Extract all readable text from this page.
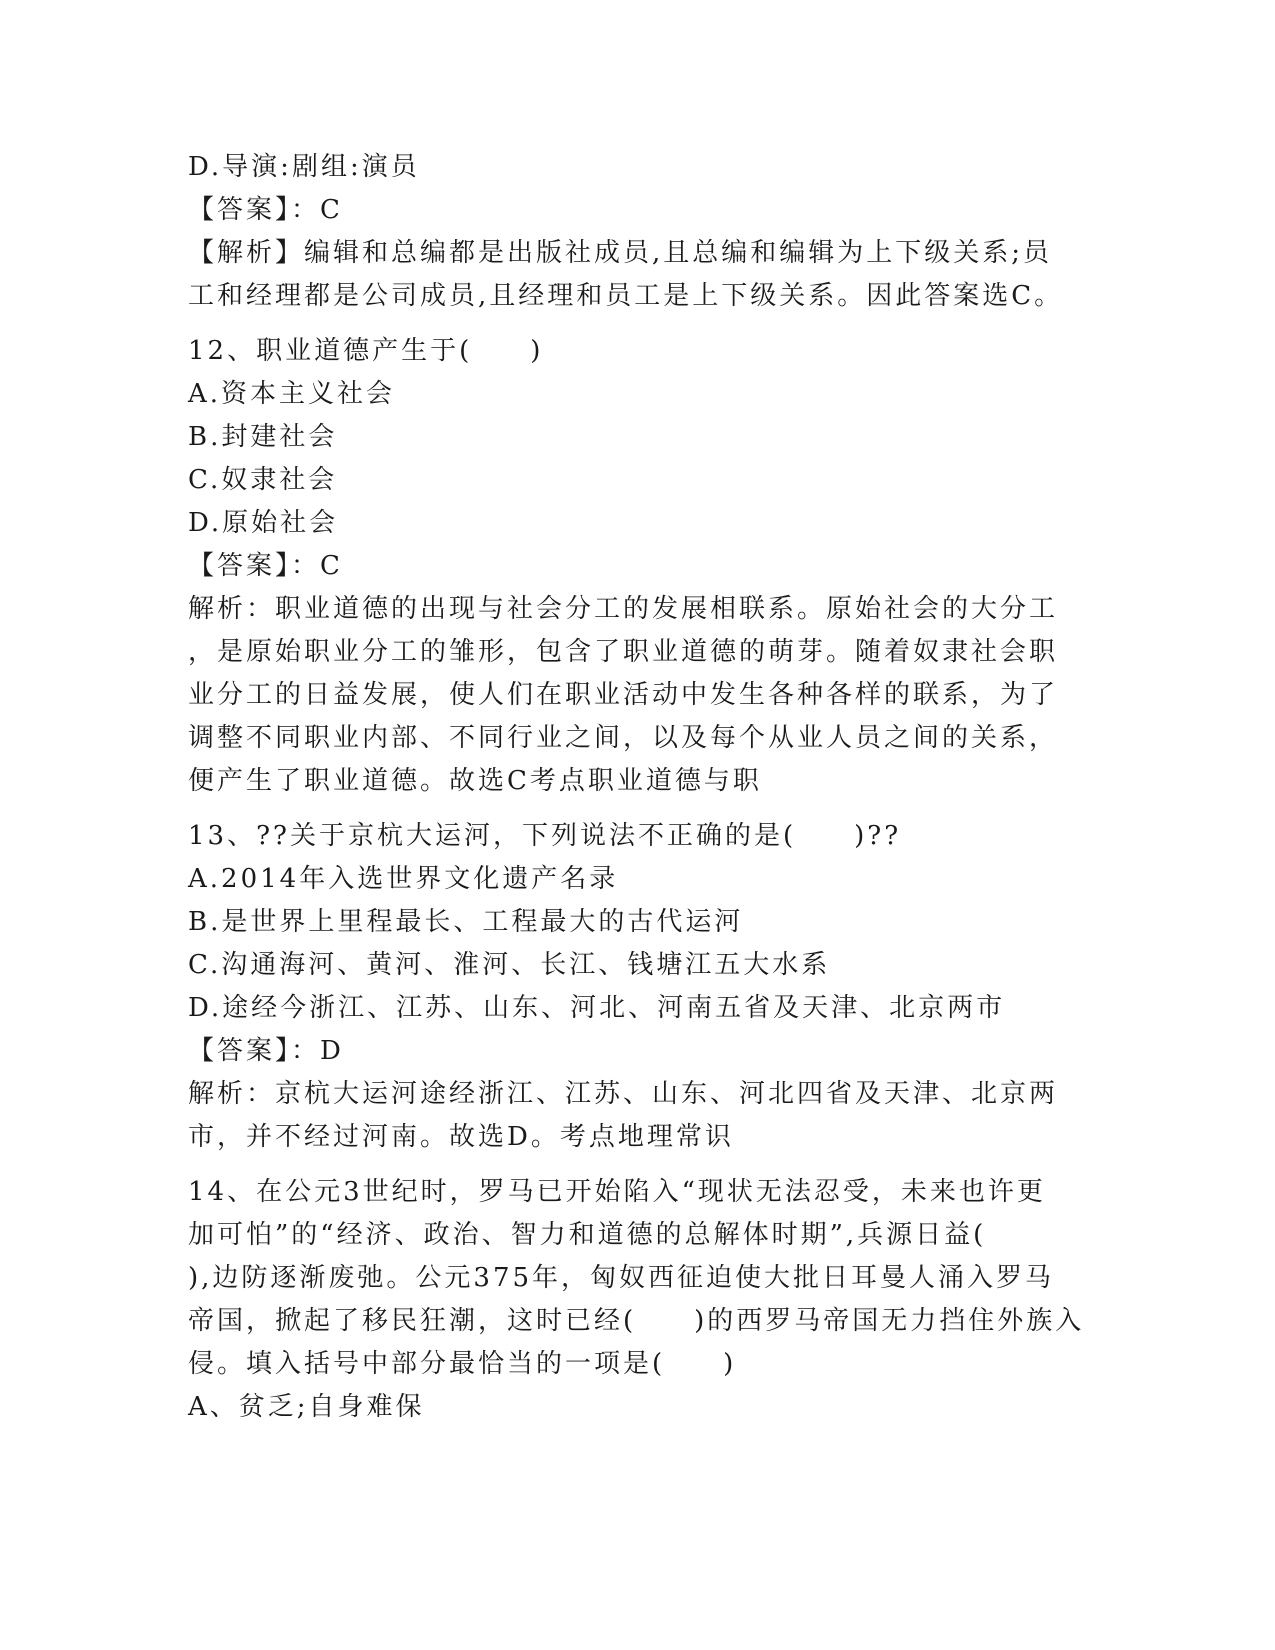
D.导演:剧组:演员
【答案】：C
【解析】编辑和总编都是出版社成员,且总编和编辑为上下级关系;员
工和经理都是公司成员,且经理和员工是上下级关系。因此答案选C。
12、职业道德产生于(　　)
A.资本主义社会
B.封建社会
C.奴隶社会
D.原始社会
【答案】：C
解析：职业道德的出现与社会分工的发展相联系。原始社会的大分工
，是原始职业分工的雏形，包含了职业道德的萌芽。随着奴隶社会职
业分工的日益发展，使人们在职业活动中发生各种各样的联系，为了
调整不同职业内部、不同行业之间，以及每个从业人员之间的关系，
便产生了职业道德。故选C考点职业道德与职
13、??关于京杭大运河，下列说法不正确的是(　　)??
A.2014年入选世界文化遗产名录
B.是世界上里程最长、工程最大的古代运河
C.沟通海河、黄河、淮河、长江、钱塘江五大水系
D.途经今浙江、江苏、山东、河北、河南五省及天津、北京两市
【答案】：D
解析：京杭大运河途经浙江、江苏、山东、河北四省及天津、北京两
市，并不经过河南。故选D。考点地理常识
14、在公元3世纪时，罗马已开始陷入“现状无法忍受，未来也许更
加可怕”的“经济、政治、智力和道德的总解体时期”,兵源日益(
),边防逐渐废弛。公元375年，匈奴西征迫使大批日耳曼人涌入罗马
帝国，掀起了移民狂潮，这时已经(　　)的西罗马帝国无力挡住外族入
侵。填入括号中部分最恰当的一项是(　　)
A、贫乏;自身难保
